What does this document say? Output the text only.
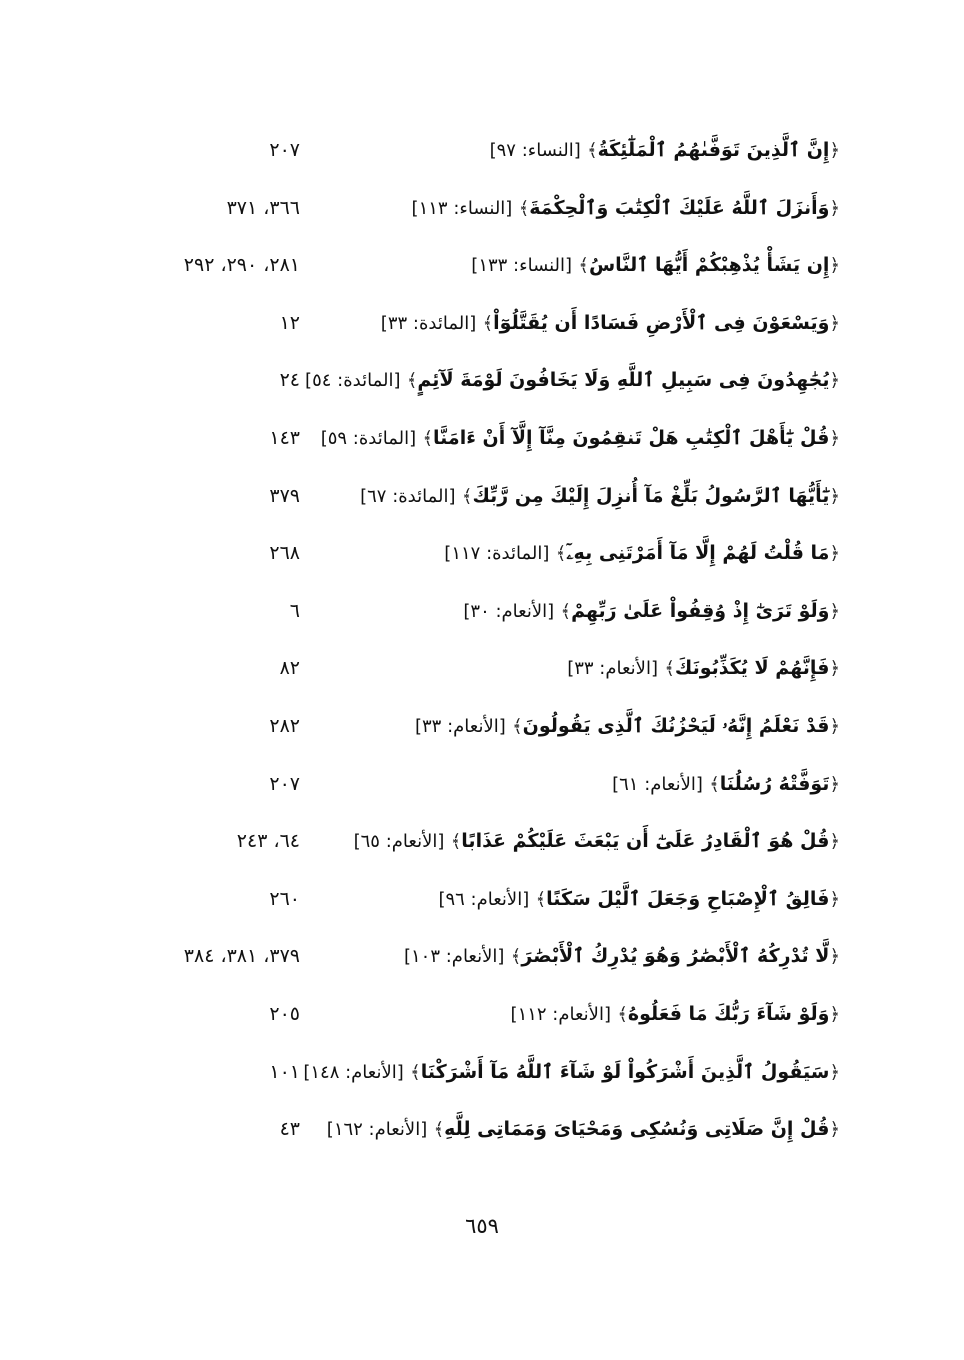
﴿إِنَّ ٱلَّذِينَ تَوَفَّىٰهُمُ ٱلْمَلَٰٓئِكَةُ﴾ [النساء: ٩٧]
٢٠٧
﴿وَأَنزَلَ ٱللَّهُ عَلَيْكَ ٱلْكِتَٰبَ وَٱلْحِكْمَةَ﴾ [النساء: ١١٣]
٣٦٦، ٣٧١
﴿إِن يَشَأْ يُذْهِبْكُمْ أَيُّهَا ٱلنَّاسُ﴾ [النساء: ١٣٣]
٢٨١، ٢٩٠، ٢٩٢
﴿وَيَسْعَوْنَ فِى ٱلْأَرْضِ فَسَادًا أَن يُقَتَّلُوٓاْ﴾ [المائدة: ٣٣]
١٢
﴿يُجَٰهِدُونَ فِى سَبِيلِ ٱللَّهِ وَلَا يَخَافُونَ لَوْمَةَ لَآئِمٍ﴾ [المائدة: ٥٤]
٢٤
﴿قُلْ يَٰٓأَهْلَ ٱلْكِتَٰبِ هَلْ تَنقِمُونَ مِنَّآ إِلَّآ أَنْ ءَامَنَّا﴾ [المائدة: ٥٩]
١٤٣
﴿يَٰٓأَيُّهَا ٱلرَّسُولُ بَلِّغْ مَآ أُنزِلَ إِلَيْكَ مِن رَّبِّكَ﴾ [المائدة: ٦٧]
٣٧٩
﴿مَا قُلْتُ لَهُمْ إِلَّا مَآ أَمَرْتَنِى بِهِۦٓ﴾ [المائدة: ١١٧]
٢٦٨
﴿وَلَوْ تَرَىٰٓ إِذْ وُقِفُواْ عَلَىٰ رَبِّهِمْ﴾ [الأنعام: ٣٠]
٦
﴿فَإِنَّهُمْ لَا يُكَذِّبُونَكَ﴾ [الأنعام: ٣٣]
٨٢
﴿قَدْ نَعْلَمُ إِنَّهُۥ لَيَحْزُنُكَ ٱلَّذِى يَقُولُونَ﴾ [الأنعام: ٣٣]
٢٨٢
﴿تَوَفَّتْهُ رُسُلُنَا﴾ [الأنعام: ٦١]
٢٠٧
﴿قُلْ هُوَ ٱلْقَادِرُ عَلَىٰٓ أَن يَبْعَثَ عَلَيْكُمْ عَذَابًا﴾ [الأنعام: ٦٥]
٦٤، ٢٤٣
﴿فَالِقُ ٱلْإِصْبَاحِ وَجَعَلَ ٱلَّيْلَ سَكَنًا﴾ [الأنعام: ٩٦]
٢٦٠
﴿لَّا تُدْرِكُهُ ٱلْأَبْصَٰرُ وَهُوَ يُدْرِكُ ٱلْأَبْصَٰرَ﴾ [الأنعام: ١٠٣]
٣٧٩، ٣٨١، ٣٨٤
﴿وَلَوْ شَآءَ رَبُّكَ مَا فَعَلُوهُ﴾ [الأنعام: ١١٢]
٢٠٥
﴿سَيَقُولُ ٱلَّذِينَ أَشْرَكُواْ لَوْ شَآءَ ٱللَّهُ مَآ أَشْرَكْنَا﴾ [الأنعام: ١٤٨]
١٠١
﴿قُلْ إِنَّ صَلَاتِى وَنُسُكِى وَمَحْيَاىَ وَمَمَاتِى لِلَّهِ﴾ [الأنعام: ١٦٢]
٤٣
٦٥٩
